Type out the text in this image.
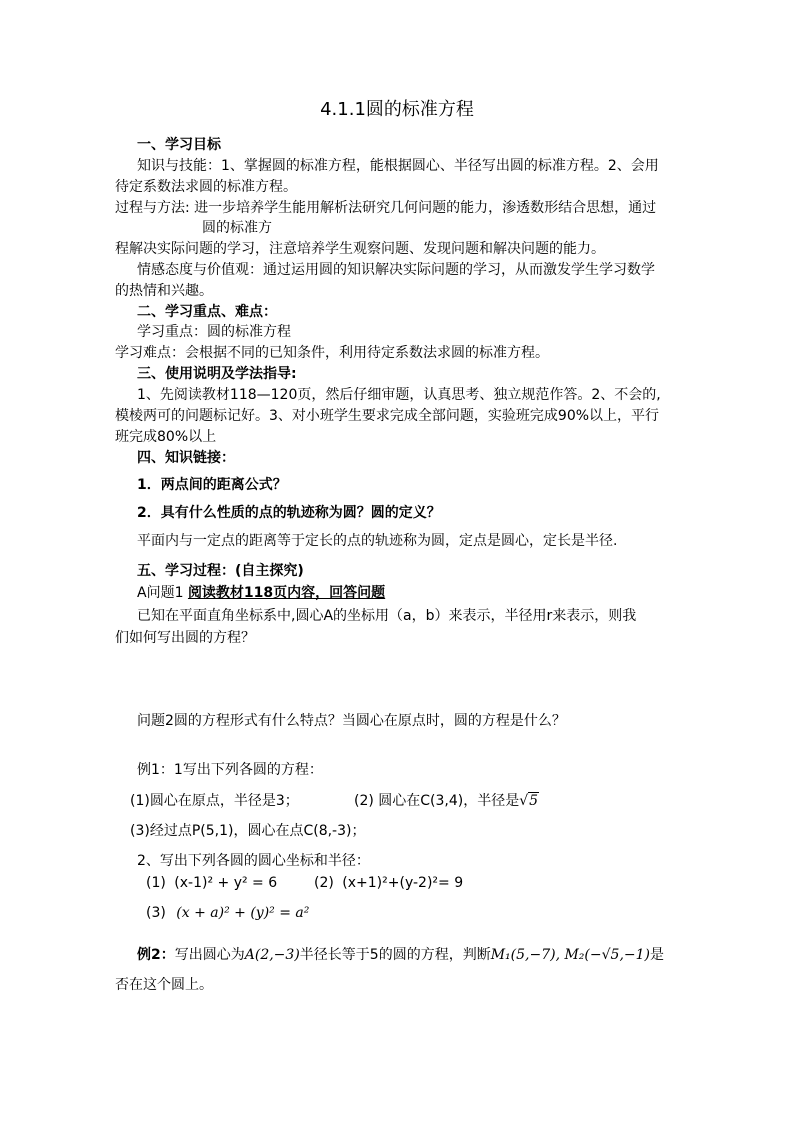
4.1.1圆的标准方程
一、学习目标
知识与技能：1、掌握圆的标准方程，能根据圆心、半径写出圆的标准方程。2、会用
待定系数法求圆的标准方程。
过程与方法: 进一步培养学生能用解析法研究几何问题的能力，渗透数形结合思想，通过
圆的标准方
程解决实际问题的学习，注意培养学生观察问题、发现问题和解决问题的能力。
情感态度与价值观：通过运用圆的知识解决实际问题的学习，从而激发学生学习数学
的热情和兴趣。
二、学习重点、难点：
学习重点：圆的标准方程
学习难点：会根据不同的已知条件，利用待定系数法求圆的标准方程。
三、使用说明及学法指导:
1、先阅读教材118—120页，然后仔细审题，认真思考、独立规范作答。2、不会的,
模棱两可的问题标记好。3、对小班学生要求完成全部问题，实验班完成90%以上，平行
班完成80%以上
四、知识链接：
1．两点间的距离公式？
2．具有什么性质的点的轨迹称为圆？圆的定义？
平面内与一定点的距离等于定长的点的轨迹称为圆，定点是圆心，定长是半径.
五、学习过程：(自主探究)
A问题1 阅读教材118页内容，回答问题
已知在平面直角坐标系中,圆心A的坐标用（a，b）来表示，半径用r来表示，则我
们如何写出圆的方程？
问题2圆的方程形式有什么特点？当圆心在原点时，圆的方程是什么？
例1：1写出下列各圆的方程：
(1)圆心在原点，半径是3；	(2) 圆心在C(3,4)，半径是√5
(3)经过点P(5,1)，圆心在点C(8,-3)；
2、写出下列各圆的圆心坐标和半径：
(1) (x-1)² + y² = 6	(2) (x+1)²+(y-2)²= 9
(3) (x + a)² + (y)² = a²
例2：写出圆心为A(2,−3)半径长等于5的圆的方程，判断M₁(5,−7), M₂(−√5,−1)是
否在这个圆上。
